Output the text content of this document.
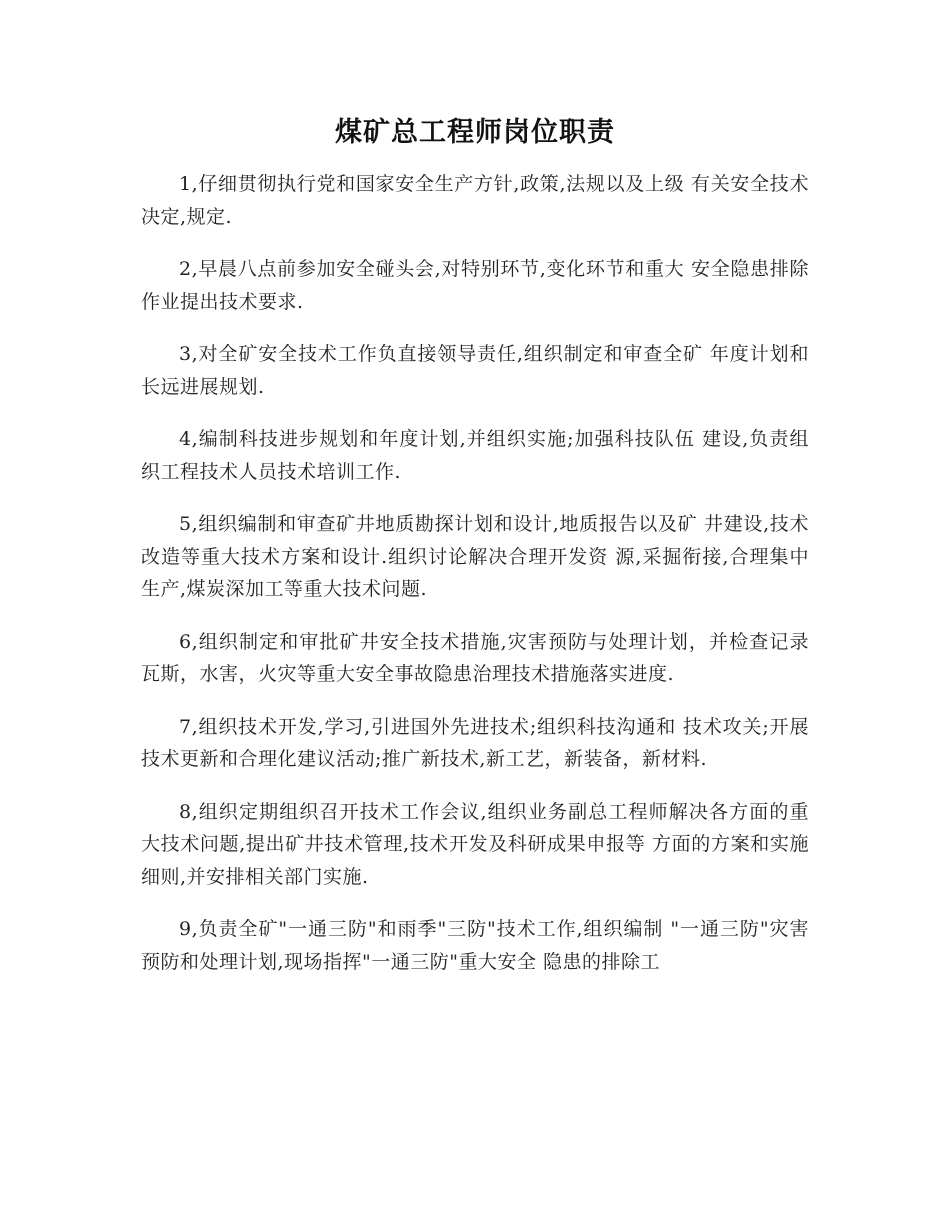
煤矿总工程师岗位职责

1,仔细贯彻执行党和国家安全生产方针,政策,法规以及上级 有关安全技术决定,规定.

2,早晨八点前参加安全碰头会,对特别环节,变化环节和重大 安全隐患排除作业提出技术要求.

3,对全矿安全技术工作负直接领导责任,组织制定和审查全矿 年度计划和长远进展规划.

4,编制科技进步规划和年度计划,并组织实施;加强科技队伍 建设,负责组织工程技术人员技术培训工作.

5,组织编制和审查矿井地质勘探计划和设计,地质报告以及矿 井建设,技术改造等重大技术方案和设计.组织讨论解决合理开发资 源,采掘衔接,合理集中生产,煤炭深加工等重大技术问题.

6,组织制定和审批矿井安全技术措施,灾害预防与处理计划，并检查记录瓦斯，水害，火灾等重大安全事故隐患治理技术措施落实进度.

7,组织技术开发,学习,引进国外先进技术;组织科技沟通和 技术攻关;开展技术更新和合理化建议活动;推广新技术,新工艺，新装备，新材料.

8,组织定期组织召开技术工作会议,组织业务副总工程师解决各方面的重大技术问题,提出矿井技术管理,技术开发及科研成果申报等 方面的方案和实施细则,并安排相关部门实施.

9,负责全矿"一通三防"和雨季"三防"技术工作,组织编制 "一通三防"灾害预防和处理计划,现场指挥"一通三防"重大安全 隐患的排除工
